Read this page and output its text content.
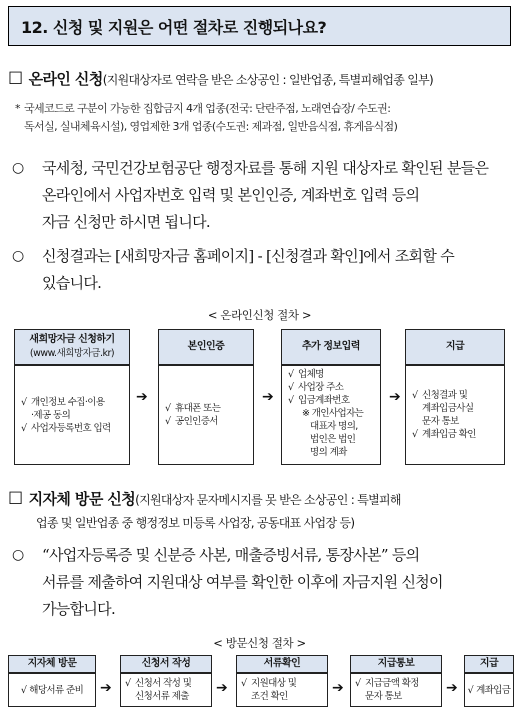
12. 신청 및 지원은 어떤 절차로 진행되나요?
☐ 온라인 신청 (지원대상자로 연락을 받은 소상공인 : 일반업종, 특별피해업종 일부)
* 국세코드로 구분이 가능한 집합금지 4개 업종(전국: 단란주점, 노래연습장/ 수도권:
독서실, 실내체육시설), 영업제한 3개 업종(수도권: 제과점, 일반음식점, 휴게음식점)
○	국세청, 국민건강보험공단 행정자료를 통해 지원 대상자로 확인된 분들은
온라인에서 사업자번호 입력 및 본인인증, 계좌번호 입력 등의
자금 신청만 하시면 됩니다.
○	신청결과는 [새희망자금 홈페이지] - [신청결과 확인]에서 조회할 수
있습니다.
< 온라인신청 절차 >
새희망자금 신청하기
(www.새희망자금.kr)
√ 개인정보 수집·이용
·제공 동의
√ 사업자등록번호 입력
➔
본인인증
√ 휴대폰 또는
√ 공인인증서
➔
추가 정보입력
√ 업체명
√ 사업장 주소
√ 입금계좌번호
※ 개인사업자는
대표자 명의,
법인은 법인
명의 계좌
➔
지급
√ 신청결과 및
계좌입금사실
문자 통보
√ 계좌입금 확인
☐ 지자체 방문 신청 (지원대상자 문자메시지를 못 받은 소상공인 : 특별피해
업종 및 일반업종 중 행정정보 미등록 사업장, 공동대표 사업장 등)
○	“사업자등록증 및 신분증 사본, 매출증빙서류, 통장사본” 등의
서류를 제출하여 지원대상 여부를 확인한 이후에 자금지원 신청이
가능합니다.
< 방문신청 절차 >
지자체 방문
√ 해당서류 준비	➔
신청서 작성
√ 신청서 작성 및
신청서류 제출
➔
서류확인
√ 지원대상 및
조건 확인
➔
지급통보
√ 지급금액 확정
문자 통보
➔
지급
√ 계좌입금
